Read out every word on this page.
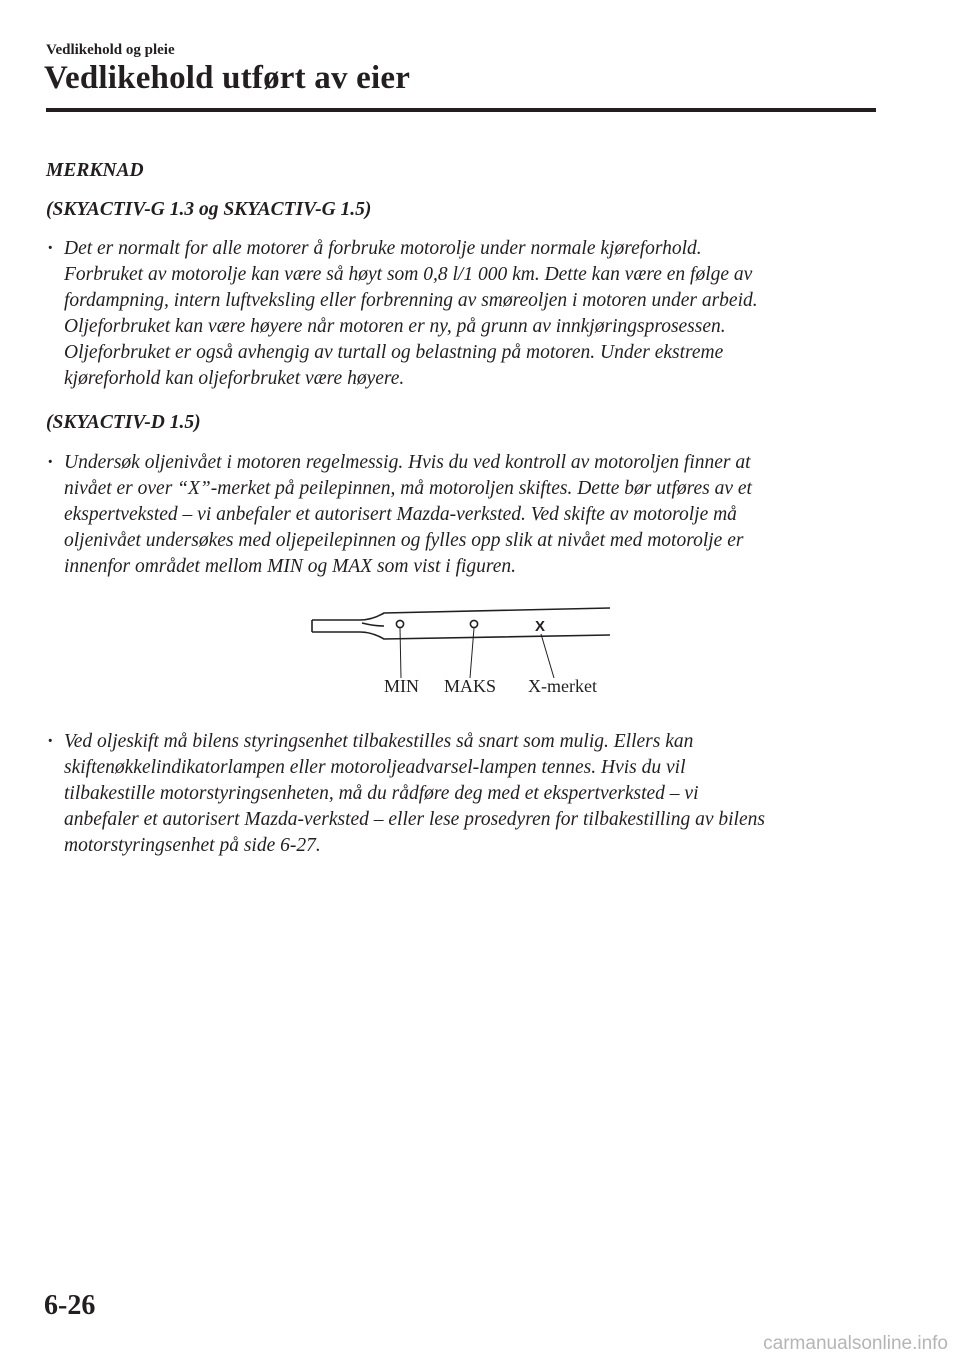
Vedlikehold og pleie
Vedlikehold utført av eier
MERKNAD
(SKYACTIV-G 1.3 og SKYACTIV-G 1.5)
· Det er normalt for alle motorer å forbruke motorolje under normale kjøreforhold.
Forbruket av motorolje kan være så høyt som 0,8 l/1 000 km. Dette kan være en følge av
fordampning, intern luftveksling eller forbrenning av smøreoljen i motoren under arbeid.
Oljeforbruket kan være høyere når motoren er ny, på grunn av innkjøringsprosessen.
Oljeforbruket er også avhengig av turtall og belastning på motoren. Under ekstreme
kjøreforhold kan oljeforbruket være høyere.
(SKYACTIV-D 1.5)
· Undersøk oljenivået i motoren regelmessig. Hvis du ved kontroll av motoroljen finner at
nivået er over “X”-merket på peilepinnen, må motoroljen skiftes. Dette bør utføres av et
ekspertveksted – vi anbefaler et autorisert Mazda-verksted. Ved skifte av motorolje må
oljenivået undersøkes med oljepeilepinnen og fylles opp slik at nivået med motorolje er
innenfor området mellom MIN og MAX som vist i figuren.
X
MIN MAKS X-merket
· Ved oljeskift må bilens styringsenhet tilbakestilles så snart som mulig. Ellers kan
skiftenøkkelindikatorlampen eller motoroljeadvarsel-lampen tennes. Hvis du vil
tilbakestille motorstyringsenheten, må du rådføre deg med et ekspertverksted – vi
anbefaler et autorisert Mazda-verksted – eller lese prosedyren for tilbakestilling av bilens
motorstyringsenhet på side 6-27.
6-26
carmanualsonline.info
